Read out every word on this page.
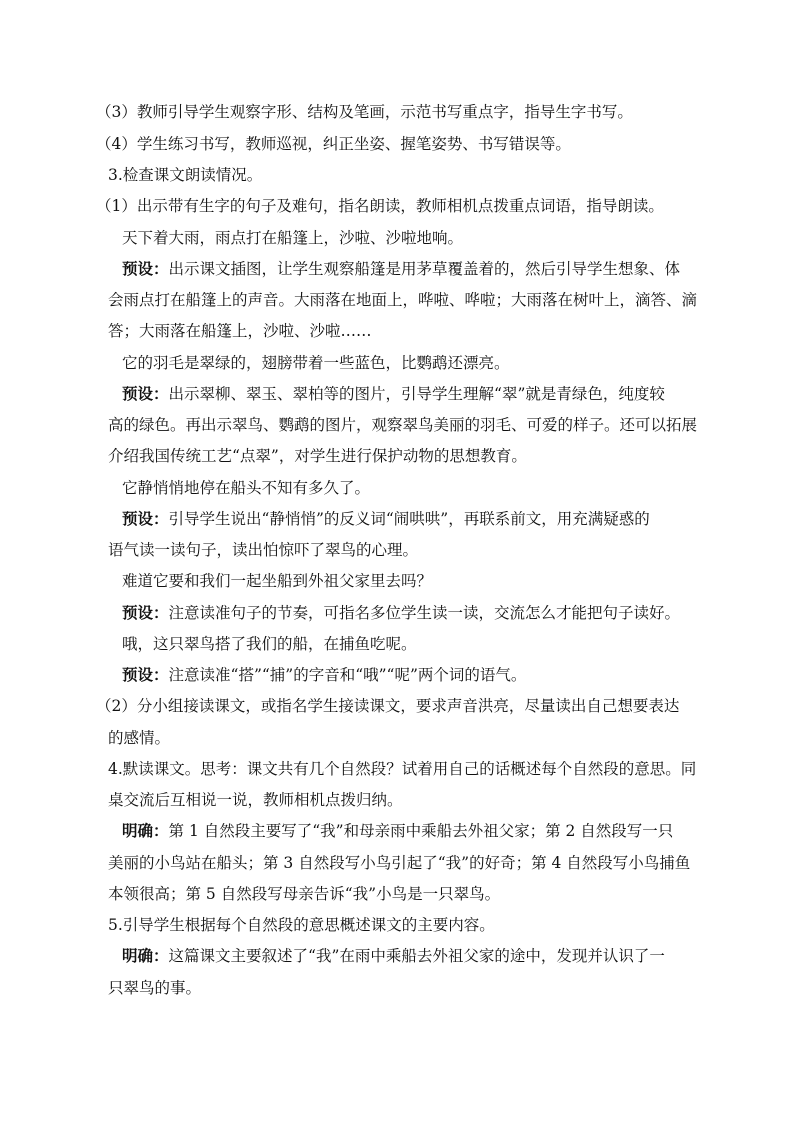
（3）教师引导学生观察字形、结构及笔画，示范书写重点字，指导生字书写。
（4）学生练习书写，教师巡视，纠正坐姿、握笔姿势、书写错误等。
3.检查课文朗读情况。
（1）出示带有生字的句子及难句，指名朗读，教师相机点拨重点词语，指导朗读。
天下着大雨，雨点打在船篷上，沙啦、沙啦地响。
预设：出示课文插图，让学生观察船篷是用茅草覆盖着的，然后引导学生想象、体
会雨点打在船篷上的声音。大雨落在地面上，哗啦、哗啦；大雨落在树叶上，滴答、滴
答；大雨落在船篷上，沙啦、沙啦……
它的羽毛是翠绿的，翅膀带着一些蓝色，比鹦鹉还漂亮。
预设：出示翠柳、翠玉、翠柏等的图片，引导学生理解“翠”就是青绿色，纯度较
高的绿色。再出示翠鸟、鹦鹉的图片，观察翠鸟美丽的羽毛、可爱的样子。还可以拓展
介绍我国传统工艺“点翠”，对学生进行保护动物的思想教育。
它静悄悄地停在船头不知有多久了。
预设：引导学生说出“静悄悄”的反义词“闹哄哄”，再联系前文，用充满疑惑的
语气读一读句子，读出怕惊吓了翠鸟的心理。
难道它要和我们一起坐船到外祖父家里去吗？
预设：注意读准句子的节奏，可指名多位学生读一读，交流怎么才能把句子读好。
哦，这只翠鸟搭了我们的船，在捕鱼吃呢。
预设：注意读准“搭”“捕”的字音和“哦”“呢”两个词的语气。
（2）分小组接读课文，或指名学生接读课文，要求声音洪亮，尽量读出自己想要表达
的感情。
4.默读课文。思考：课文共有几个自然段？试着用自己的话概述每个自然段的意思。同
桌交流后互相说一说，教师相机点拨归纳。
明确：第 1 自然段主要写了“我”和母亲雨中乘船去外祖父家；第 2 自然段写一只
美丽的小鸟站在船头；第 3 自然段写小鸟引起了“我”的好奇；第 4 自然段写小鸟捕鱼
本领很高；第 5 自然段写母亲告诉“我”小鸟是一只翠鸟。
5.引导学生根据每个自然段的意思概述课文的主要内容。
明确：这篇课文主要叙述了“我”在雨中乘船去外祖父家的途中，发现并认识了一
只翠鸟的事。
